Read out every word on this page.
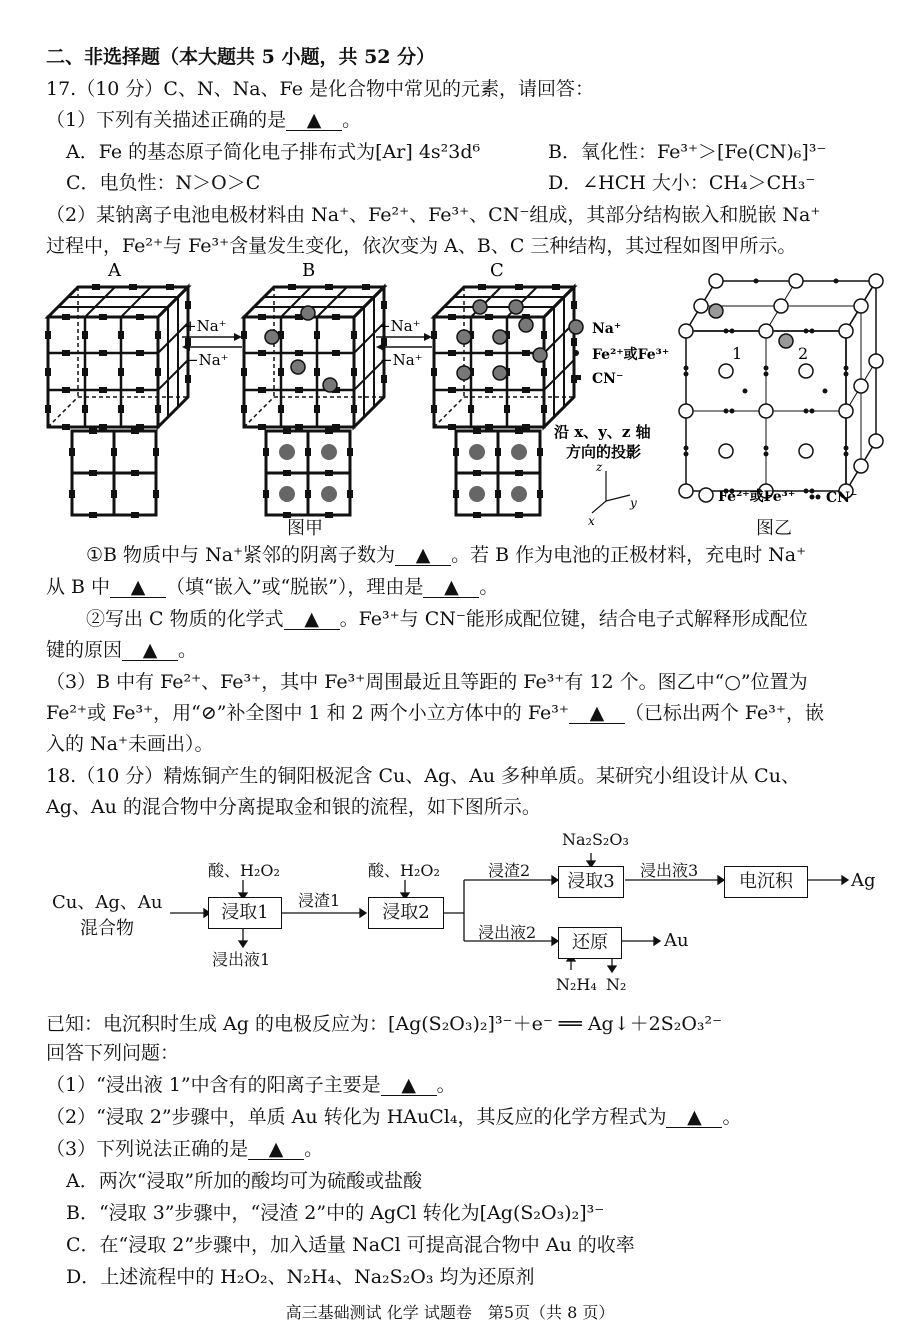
二、非选择题（本大题共 5 小题，共 52 分）
17.（10 分）C、N、Na、Fe 是化合物中常见的元素，请回答：
（1）下列有关描述正确的是 ▲ 。
A．Fe 的基态原子简化电子排布式为[Ar] 4s²3d⁶	B．氧化性：Fe³⁺＞[Fe(CN)₆]³⁻
C．电负性：N＞O＞C	D．∠HCH 大小：CH₄＞CH₃⁻
（2）某钠离子电池电极材料由 Na⁺、Fe²⁺、Fe³⁺、CN⁻组成，其部分结构嵌入和脱嵌 Na⁺
过程中，Fe²⁺与 Fe³⁺含量发生变化，依次变为 A、B、C 三种结构，其过程如图甲所示。
A	B	C
+Na⁺
−Na⁺
+Na⁺
−Na⁺
Na⁺
Fe²⁺或Fe³⁺
CN⁻
沿 x、y、z 轴
方向的投影
z
x
y
1	2
Fe²⁺或Fe³⁺ CN⁻
图甲	图乙
①B 物质中与 Na⁺紧邻的阴离子数为 ▲ 。若 B 作为电池的正极材料，充电时 Na⁺
从 B 中 ▲ （填“嵌入”或“脱嵌”），理由是 ▲ 。
②写出 C 物质的化学式 ▲ 。Fe³⁺与 CN⁻能形成配位键，结合电子式解释形成配位
键的原因 ▲ 。
（3）B 中有 Fe²⁺、Fe³⁺，其中 Fe³⁺周围最近且等距的 Fe³⁺有 12 个。图乙中“○”位置为
Fe²⁺或 Fe³⁺，用“⊘”补全图中 1 和 2 两个小立方体中的 Fe³⁺ ▲ （已标出两个 Fe³⁺，嵌
入的 Na⁺未画出）。
18.（10 分）精炼铜产生的铜阳极泥含 Cu、Ag、Au 多种单质。某研究小组设计从 Cu、
Ag、Au 的混合物中分离提取金和银的流程，如下图所示。
Cu、Ag、Au
混合物
酸、H₂O₂
浸取1
浸出液1
浸渣1
酸、H₂O₂
浸取2
浸渣2
浸出液2
Na₂S₂O₃
浸取3
浸出液3
电沉积	Ag
还原	Au
N₂H₄ N₂
已知：电沉积时生成 Ag 的电极反应为：[Ag(S₂O₃)₂]³⁻＋e⁻ ══ Ag↓＋2S₂O₃²⁻
回答下列问题：
（1）“浸出液 1”中含有的阳离子主要是 ▲ 。
（2）“浸取 2”步骤中，单质 Au 转化为 HAuCl₄，其反应的化学方程式为 ▲ 。
（3）下列说法正确的是 ▲ 。
A．两次“浸取”所加的酸均可为硫酸或盐酸
B．“浸取 3”步骤中，“浸渣 2”中的 AgCl 转化为[Ag(S₂O₃)₂]³⁻
C．在“浸取 2”步骤中，加入适量 NaCl 可提高混合物中 Au 的收率
D．上述流程中的 H₂O₂、N₂H₄、Na₂S₂O₃ 均为还原剂
高三基础测试 化学 试题卷　第5页（共 8 页）
